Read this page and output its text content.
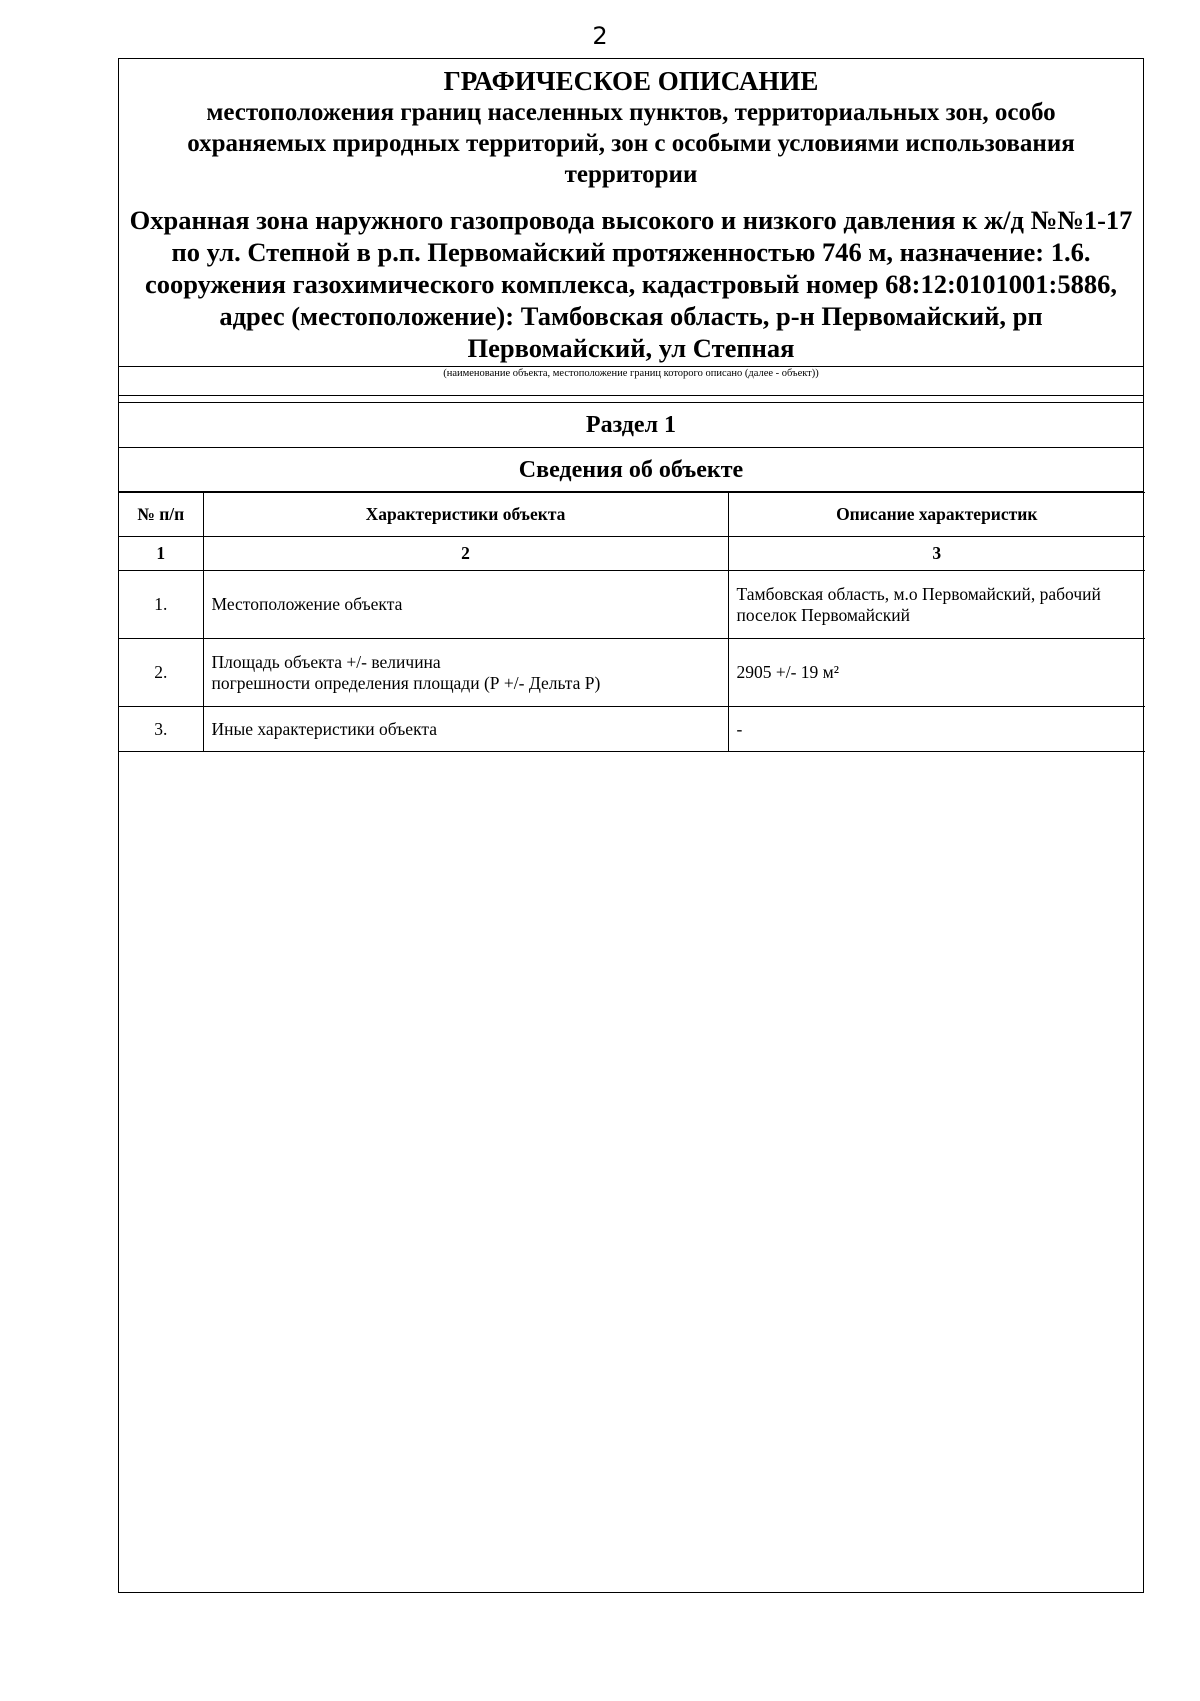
2
ГРАФИЧЕСКОЕ ОПИСАНИЕ
местоположения границ населенных пунктов, территориальных зон, особо охраняемых природных территорий, зон с особыми условиями использования территории
Охранная зона наружного газопровода высокого и низкого давления к ж/д №№1-17 по ул. Степной в р.п. Первомайский протяженностью 746 м, назначение: 1.6. сооружения газохимического комплекса, кадастровый номер 68:12:0101001:5886, адрес (местоположение): Тамбовская область, р-н Первомайский, рп Первомайский, ул Степная
(наименование объекта, местоположение границ которого описано (далее - объект))
Раздел 1
Сведения об объекте
№ п/п	Характеристики объекта	Описание характеристик
1	2	3
1.	Местоположение объекта	Тамбовская область, м.о Первомайский, рабочий поселок Первомайский
2.	Площадь объекта +/- величина
погрешности определения площади (Р +/- Дельта Р)	2905 +/- 19 м²
3.	Иные характеристики объекта	-
